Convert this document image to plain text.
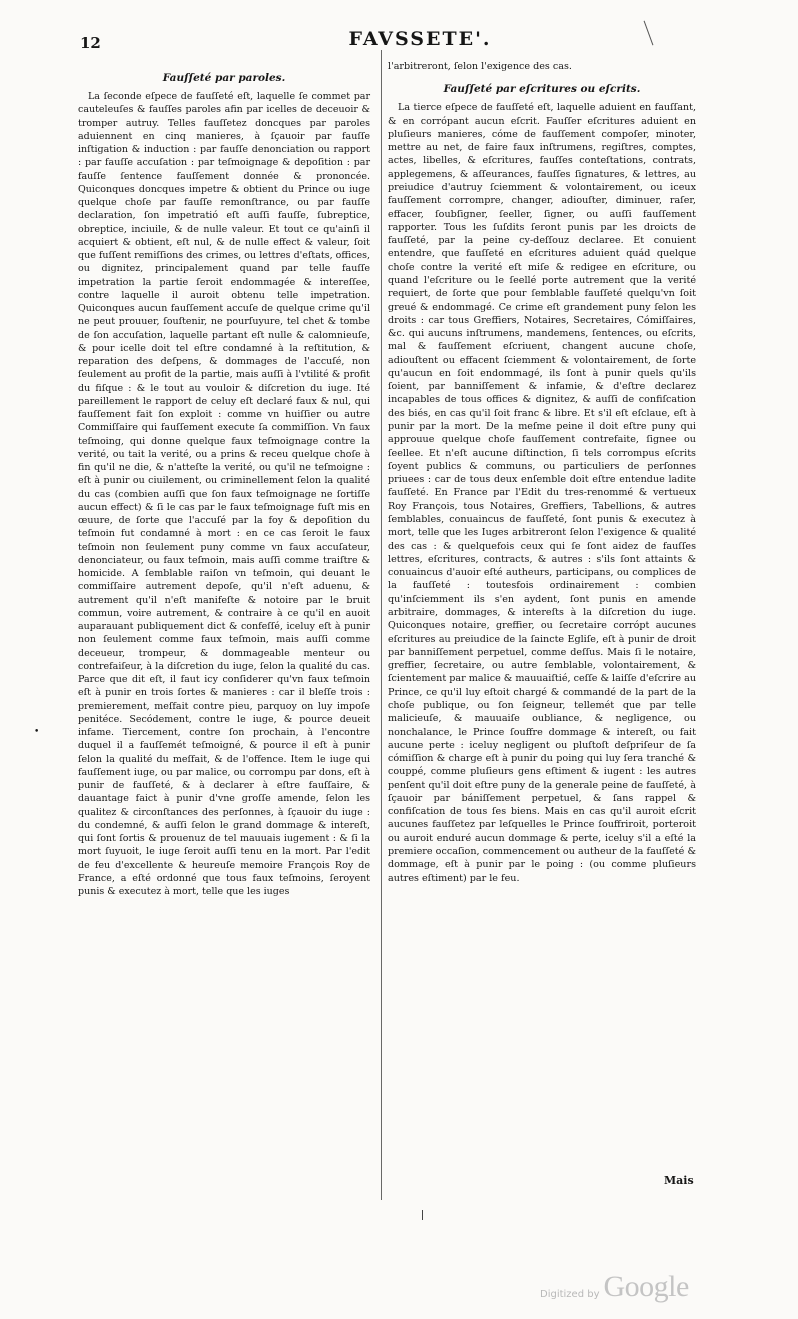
12	FAVSSETE'.
Fauſſeté par paroles.

La ſeconde eſpece de fauſſeté eſt, laquelle ſe commet par cauteleuſes & fauſſes paroles afin par icelles de deceuoir & tromper autruy. Telles fauſſetez doncques par paroles aduiennent en cinq manieres, à ſçauoir par fauſſe inſtigation & induction : par fauſſe denonciation ou rapport : par fauſſe accuſation : par teſmoignage & depoſition : par fauſſe ſentence fauſſement donnée & prononcée. Quiconques doncques impetre & obtient du Prince ou iuge quelque choſe par fauſſe remonſtrance, ou par fauſſe declaration, ſon impetratió eſt auſſi fauſſe, ſubreptice, obreptice, inciuile, & de nulle valeur. Et tout ce qu'ainſi il acquiert & obtient, eſt nul, & de nulle effect & valeur, ſoit que fuſſent remiſſions des crimes, ou lettres d'eſtats, offices, ou dignitez, principalement quand par telle fauſſe impetration la partie ſeroit endommagée & intereſſee, contre laquelle il auroit obtenu telle impetration. Quiconques aucun fauſſement accuſe de quelque crime qu'il ne peut prouuer, ſouſtenir, ne pourſuyure, tel chet & tombe de ſon accuſation, laquelle partant eſt nulle & calomnieuſe, & pour icelle doit tel eſtre condamné à la reſtitution, & reparation des deſpens, & dommages de l'accuſé, non ſeulement au profit de la partie, mais auſſi à l'vtilité & profit du fiſque : & le tout au vouloir & diſcretion du iuge. Ité pareillement le rapport de celuy eſt declaré faux & nul, qui fauſſement fait ſon exploit : comme vn huiſſier ou autre Commiſſaire qui fauſſement execute ſa commiſſion. Vn faux teſmoing, qui donne quelque faux teſmoignage contre la verité, ou tait la verité, ou a prins & receu quelque choſe à fin qu'il ne die, & n'atteſte la verité, ou qu'il ne teſmoigne : eſt à punir ou ciuilement, ou criminellement ſelon la qualité du cas (combien auſſi que ſon faux teſmoignage ne ſortiſſe aucun effect) & ſi le cas par le faux teſmoignage fuſt mis en œuure, de ſorte que l'accuſé par la foy & depoſition du teſmoin fut condamné à mort : en ce cas ſeroit le faux teſmoin non ſeulement puny comme vn faux accuſateur, denonciateur, ou faux teſmoin, mais auſſi comme traiſtre & homicide. A ſemblable raiſon vn teſmoin, qui deuant le commiſſaire autrement depoſe, qu'il n'eſt aduenu, & autrement qu'il n'eſt manifeſte & notoire par le bruit commun, voire autrement, & contraire à ce qu'il en auoit auparauant publiquement dict & confeſſé, iceluy eſt à punir non ſeulement comme faux teſmoin, mais auſſi comme deceueur, trompeur, & dommageable menteur ou contrefaiſeur, à la diſcretion du iuge, ſelon la qualité du cas. Parce que dit eſt, il faut icy conſiderer qu'vn faux teſmoin eſt à punir en trois ſortes & manieres : car il bleſſe trois : premierement, meſfait contre pieu, parquoy on luy impoſe penitéce. Secódement, contre le iuge, & pource deueit infame. Tiercement, contre ſon prochain, à l'encontre duquel il a fauſſemét teſmoigné, & pource il eſt à punir ſelon la qualité du meſfait, & de l'offence. Item le iuge qui fauſſement iuge, ou par malice, ou corrompu par dons, eſt à punir de fauſſeté, & à declarer à eſtre fauſſaire, & dauantage faict à punir d'vne groſſe amende, ſelon les qualitez & circonſtances des perſonnes, à ſçauoir du iuge : du condemné, & auſſi ſelon le grand dommage & intereſt, qui ſont ſortis & prouenuz de tel mauuais iugement : & ſi la mort ſuyuoit, le iuge ſeroit auſſi tenu en la mort. Par l'edit de feu d'excellente & heureuſe memoire François Roy de France, a eſté ordonné que tous faux teſmoins, ſeroyent punis & executez à mort, telle que les iuges

l'arbitreront, ſelon l'exigence des cas.

Fauſſeté par eſcritures ou eſcrits.

La tierce eſpece de fauſſeté eſt, laquelle aduient en fauſſant, & en corrópant aucun eſcrit. Fauſſer eſcritures aduient en pluſieurs manieres, cóme de fauſſement compoſer, minoter, mettre au net, de faire faux inſtrumens, regiſtres, comptes, actes, libelles, & eſcritures, fauſſes conteſtations, contrats, applegemens, & aſſeurances, fauſſes ſignatures, & lettres, au preiudice d'autruy ſciemment & volontairement, ou iceux fauſſement corrompre, changer, adiouſter, diminuer, raſer, effacer, ſoubſigner, ſeeller, ſigner, ou auſſi fauſſement rapporter. Tous les ſuſdits ſeront punis par les droicts de fauſſeté, par la peine cy-deſſouz declaree. Et conuient entendre, que fauſſeté en eſcritures aduient quád quelque choſe contre la verité eſt miſe & redigee en eſcriture, ou quand l'eſcriture ou le ſeellé porte autrement que la verité requiert, de ſorte que pour ſemblable fauſſeté quelqu'vn ſoit greué & endommagé. Ce crime eſt grandement puny ſelon les droits : car tous Greffiers, Notaires, Secretaires, Cómiſſaires, &c. qui aucuns inſtrumens, mandemens, ſentences, ou eſcrits, mal & fauſſement eſcriuent, changent aucune choſe, adiouſtent ou effacent ſciemment & volontairement, de ſorte qu'aucun en ſoit endommagé, ils ſont à punir quels qu'ils ſoient, par banniſſement & infamie, & d'eſtre declarez incapables de tous offices & dignitez, & auſſi de confiſcation des biés, en cas qu'il ſoit franc & libre. Et s'il eſt eſclaue, eſt à punir par la mort. De la meſme peine il doit eſtre puny qui approuue quelque choſe fauſſement contrefaite, ſignee ou ſeellee. Et n'eſt aucune diſtinction, ſi tels corrompus eſcrits ſoyent publics & communs, ou particuliers de perſonnes priuees : car de tous deux enſemble doit eſtre entendue ladite fauſſeté. En France par l'Edit du tres-renommé & vertueux Roy François, tous Notaires, Greffiers, Tabellions, & autres ſemblables, conuaincus de fauſſeté, ſont punis & executez à mort, telle que les Iuges arbitreront ſelon l'exigence & qualité des cas : & quelquefois ceux qui ſe ſont aidez de fauſſes lettres, eſcritures, contracts, & autres : s'ils ſont attaints & conuaincus d'auoir eſté autheurs, participans, ou complices de la fauſſeté : toutesfois ordinairement : combien qu'inſciemment ils s'en aydent, ſont punis en amende arbitraire, dommages, & intereſts à la diſcretion du iuge. Quiconques notaire, greffier, ou ſecretaire corrópt aucunes eſcritures au preiudice de la ſaincte Egliſe, eſt à punir de droit par banniſſement perpetuel, comme deſſus. Mais ſi le notaire, greffier, ſecretaire, ou autre ſemblable, volontairement, & ſcientement par malice & mauuaiſtié, ceſſe & laiſſe d'eſcrire au Prince, ce qu'il luy eſtoit chargé & commandé de la part de la choſe publique, ou ſon ſeigneur, tellemét que par telle malicieuſe, & mauuaiſe oubliance, & negligence, ou nonchalance, le Prince ſouffre dommage & intereſt, ou fait aucune perte : iceluy negligent ou pluſtoſt deſpriſeur de ſa cómiſſion & charge eſt à punir du poing qui luy ſera tranché & couppé, comme pluſieurs gens eſtiment & iugent : les autres penſent qu'il doit eſtre puny de la generale peine de fauſſeté, à ſçauoir par bániſſement perpetuel, & ſans rappel & confiſcation de tous ſes biens. Mais en cas qu'il auroit eſcrit aucunes fauſſetez par leſquelles le Prince ſouffriroit, porteroit ou auroit enduré aucun dommage & perte, iceluy s'il a eſté la premiere occaſion, commencement ou autheur de la fauſſeté & dommage, eſt à punir par le poing : (ou comme pluſieurs autres eſtiment) par le feu.

Mais
•
Digitized by Google
